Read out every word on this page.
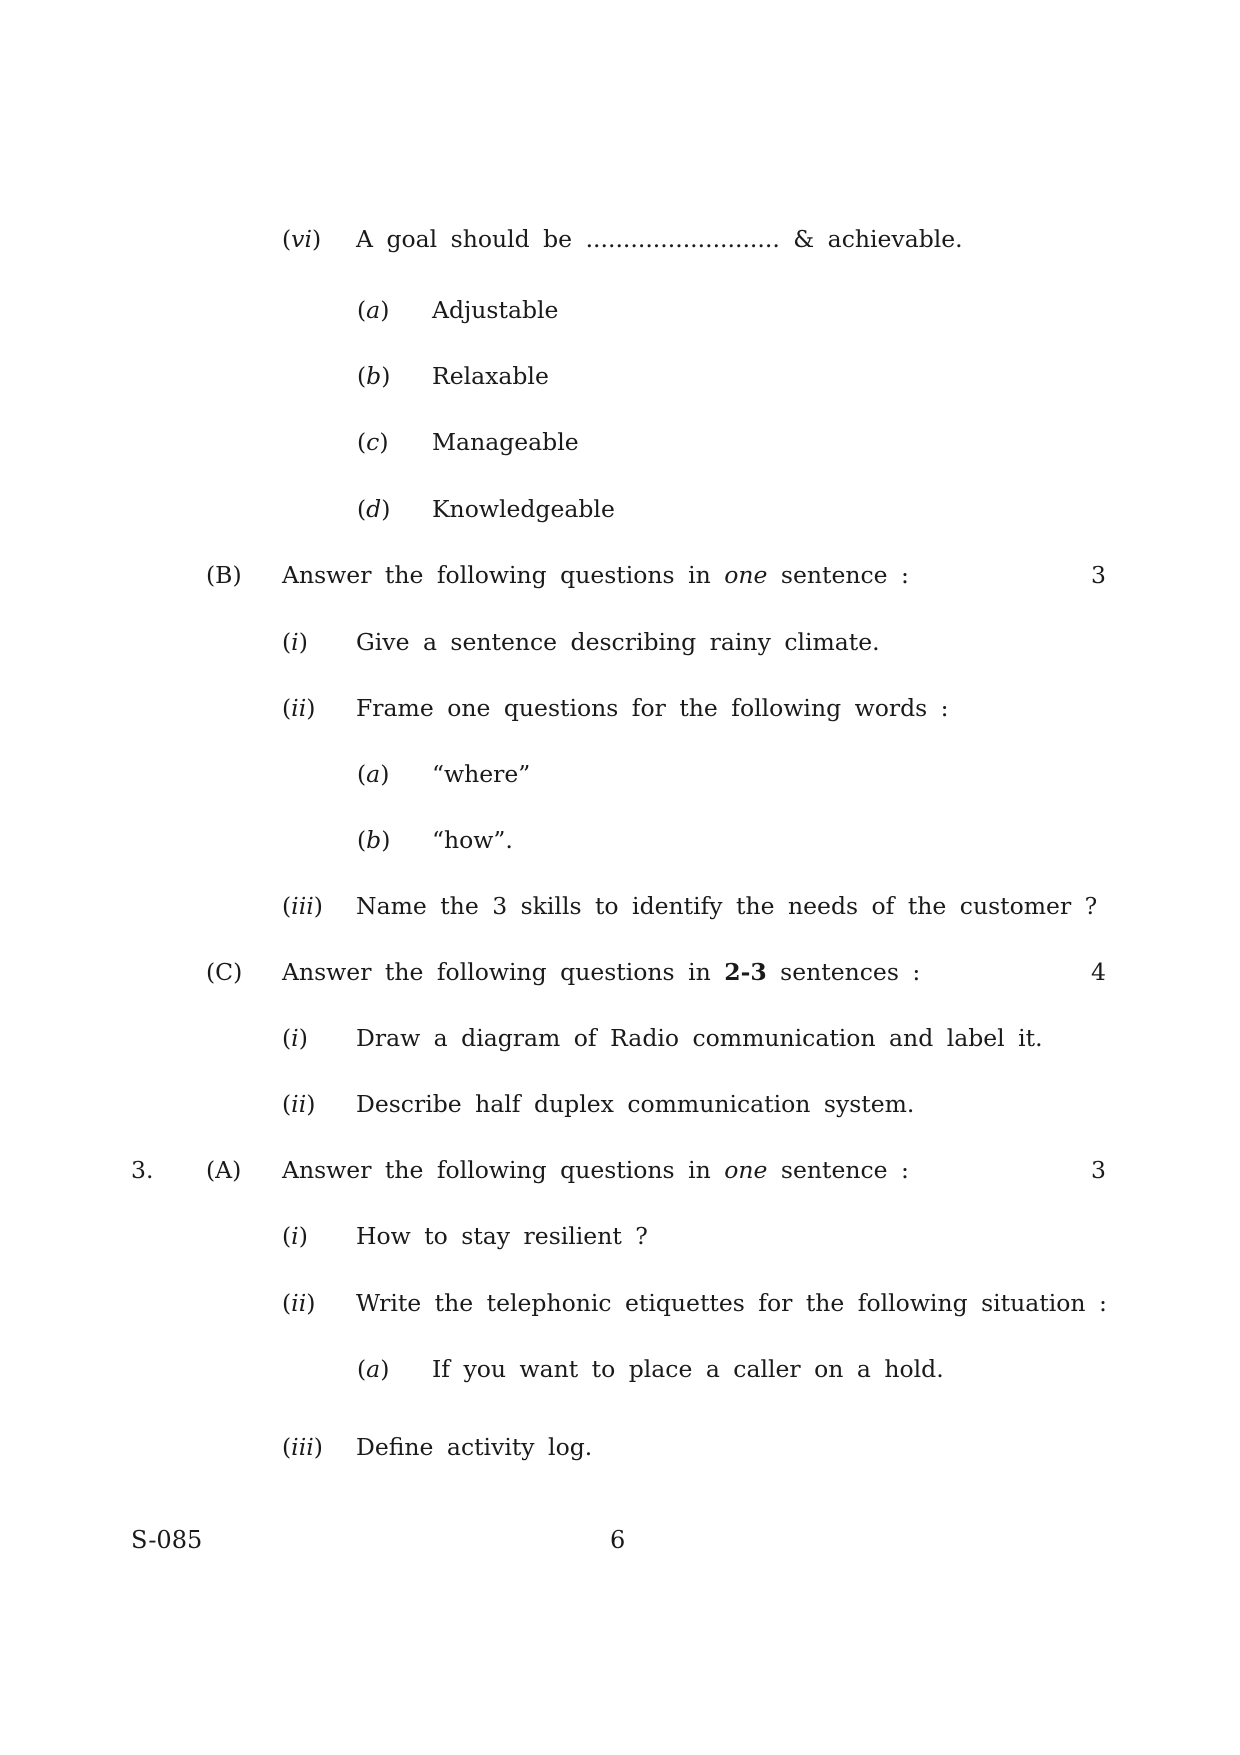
(vi) A goal should be .......................... & achievable.
(a) Adjustable
(b) Relaxable
(c) Manageable
(d) Knowledgeable
(B) Answer the following questions in one sentence :	3
(i) Give a sentence describing rainy climate.
(ii) Frame one questions for the following words :
(a) “where”
(b) “how”.
(iii) Name the 3 skills to identify the needs of the customer ?
(C) Answer the following questions in 2-3 sentences :	4
(i) Draw a diagram of Radio communication and label it.
(ii) Describe half duplex communication system.
3. (A) Answer the following questions in one sentence :	3
(i) How to stay resilient ?
(ii) Write the telephonic etiquettes for the following situation :
(a) If you want to place a caller on a hold.
(iii) Define activity log.
S-085	6
